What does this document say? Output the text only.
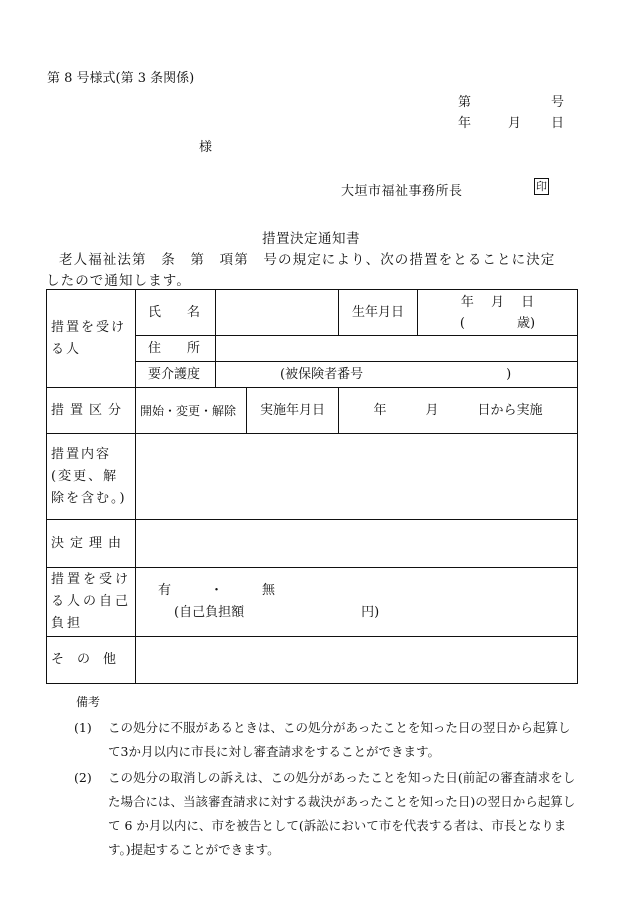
第 8 号様式(第 3 条関係)
第	号
年	月 日
様
大垣市福祉事務所長	印
措置決定通知書
老人福祉法第　条　第　項第　号の規定により、次の措置をとることに決定
したので通知します。
措置を受ける人	氏　　名			生年月日	年　 月　 日
(　　　　歳)

	住　　所				
	要介護度	(被保険者番号　　　　　　　　　　　)			
措置区分	開始・変更・解除		実施年月日	年　　　月　　　日から実施	
措置内容(変更、解除を含む。)					
決定理由					
措置を受ける人の自己負担	有　　　・　　　無
(自己負担額　　　　　　　　　円)				

そ　の　他					
備考
(1)	この処分に不服があるときは、この処分があったことを知った日の翌日から起算して3か月以内に市長に対し審査請求をすることができます。
(2)	この処分の取消しの訴えは、この処分があったことを知った日(前記の審査請求をした場合には、当該審査請求に対する裁決があったことを知った日)の翌日から起算して 6 か月以内に、市を被告として(訴訟において市を代表する者は、市長となります。)提起することができます。
